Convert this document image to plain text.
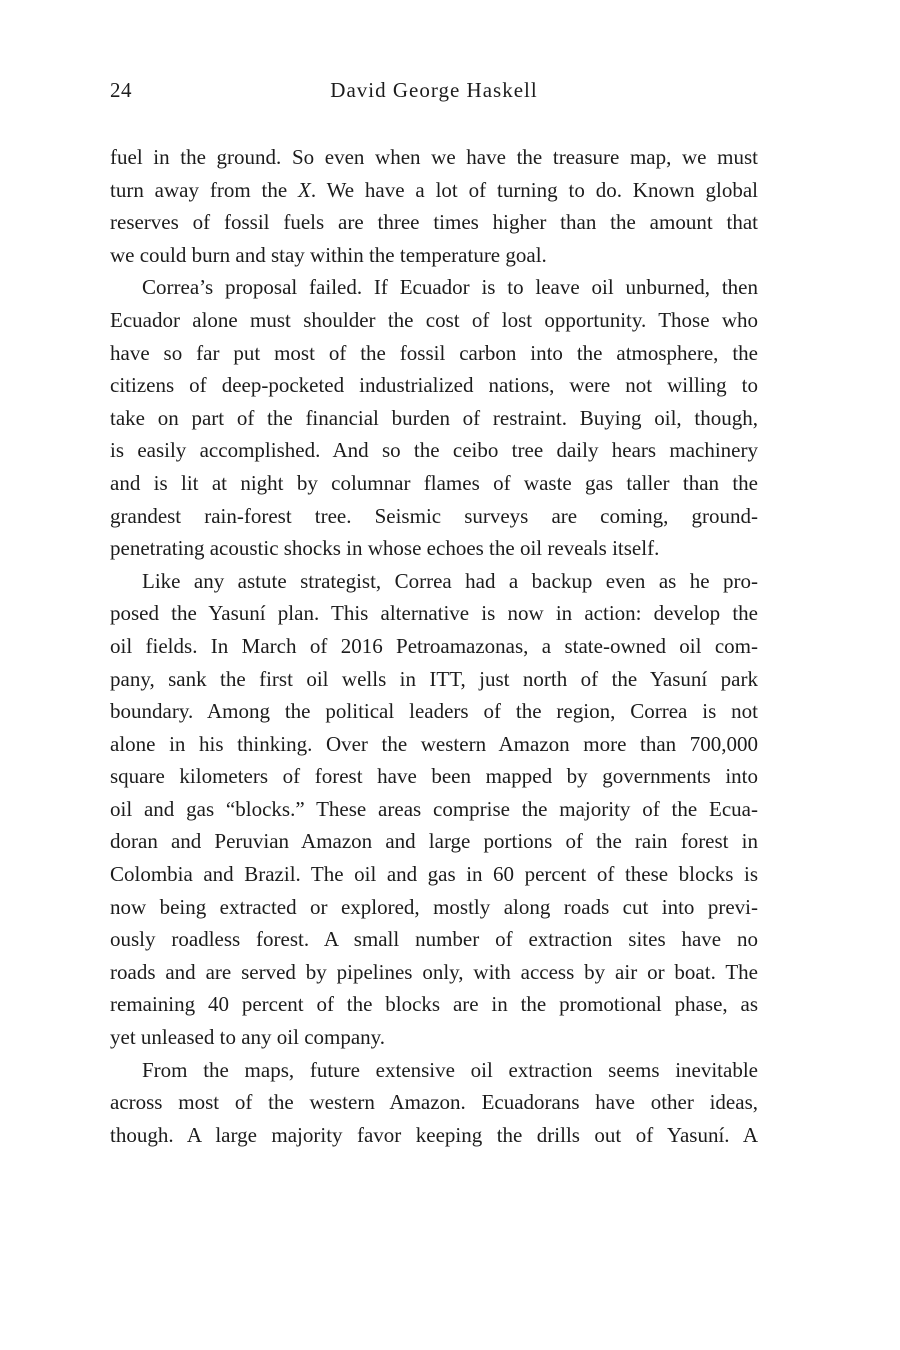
24	David George Haskell
fuel in the ground. So even when we have the treasure map, we must
turn away from the X. We have a lot of turning to do. Known global
reserves of fossil fuels are three times higher than the amount that
we could burn and stay within the temperature goal.
Correa’s proposal failed. If Ecuador is to leave oil unburned, then
Ecuador alone must shoulder the cost of lost opportunity. Those who
have so far put most of the fossil carbon into the atmosphere, the
citizens of deep-pocketed industrialized nations, were not willing to
take on part of the financial burden of restraint. Buying oil, though,
is easily accomplished. And so the ceibo tree daily hears machinery
and is lit at night by columnar flames of waste gas taller than the
grandest rain-forest tree. Seismic surveys are coming, ground-
penetrating acoustic shocks in whose echoes the oil reveals itself.
Like any astute strategist, Correa had a backup even as he pro-
posed the Yasuní plan. This alternative is now in action: develop the
oil fields. In March of 2016 Petroamazonas, a state-owned oil com-
pany, sank the first oil wells in ITT, just north of the Yasuní park
boundary. Among the political leaders of the region, Correa is not
alone in his thinking. Over the western Amazon more than 700,000
square kilometers of forest have been mapped by governments into
oil and gas “blocks.” These areas comprise the majority of the Ecua-
doran and Peruvian Amazon and large portions of the rain forest in
Colombia and Brazil. The oil and gas in 60 percent of these blocks is
now being extracted or explored, mostly along roads cut into previ-
ously roadless forest. A small number of extraction sites have no
roads and are served by pipelines only, with access by air or boat. The
remaining 40 percent of the blocks are in the promotional phase, as
yet unleased to any oil company.
From the maps, future extensive oil extraction seems inevitable
across most of the western Amazon. Ecuadorans have other ideas,
though. A large majority favor keeping the drills out of Yasuní. A
